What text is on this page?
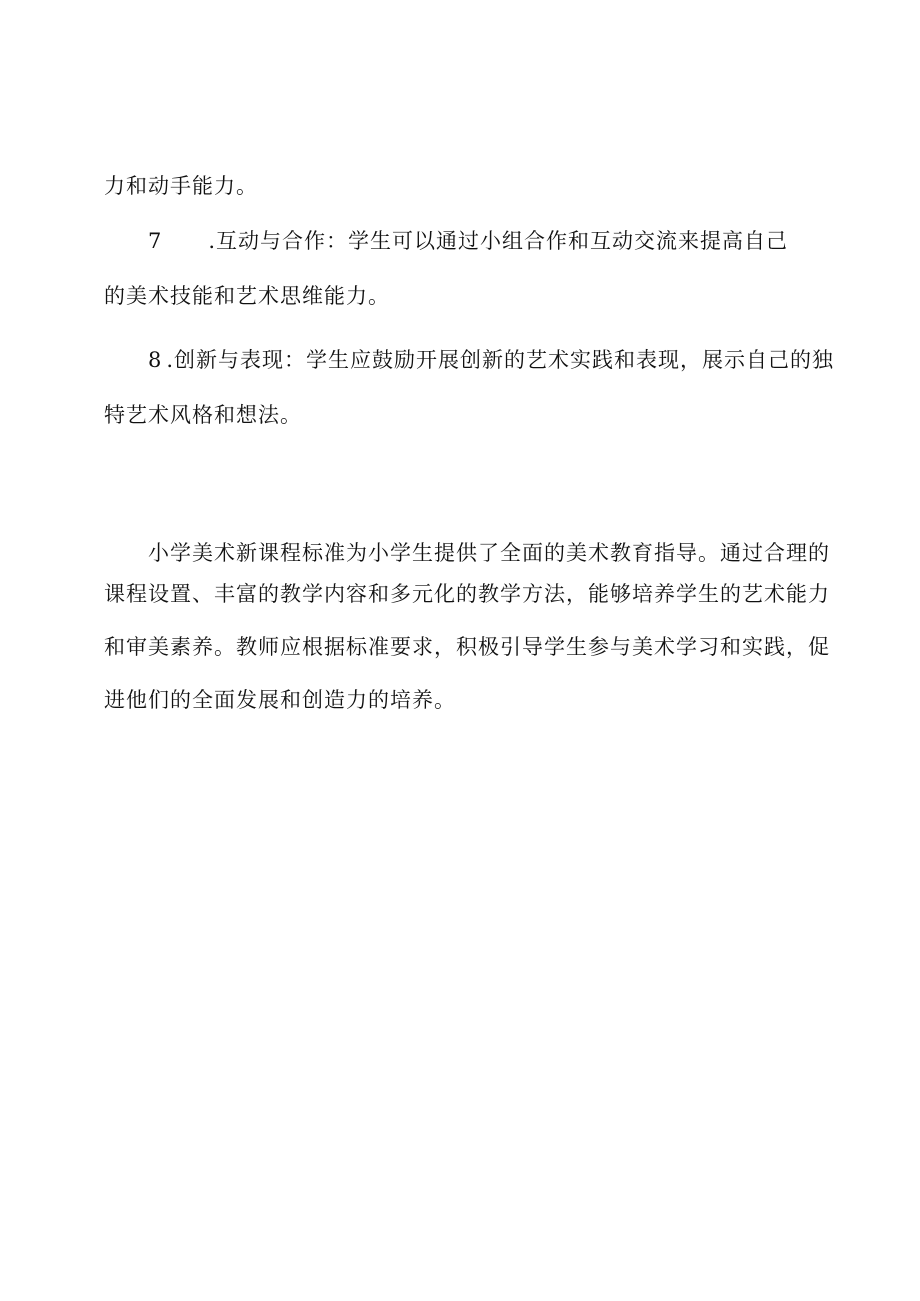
力和动手能力。
7 .互动与合作：学生可以通过小组合作和互动交流来提高自己
的美术技能和艺术思维能力。
8 .创新与表现：学生应鼓励开展创新的艺术实践和表现，展示自己的独
特艺术风格和想法。
小学美术新课程标准为小学生提供了全面的美术教育指导。通过合理的
课程设置、丰富的教学内容和多元化的教学方法，能够培养学生的艺术能力
和审美素养。教师应根据标准要求，积极引导学生参与美术学习和实践，促
进他们的全面发展和创造力的培养。
